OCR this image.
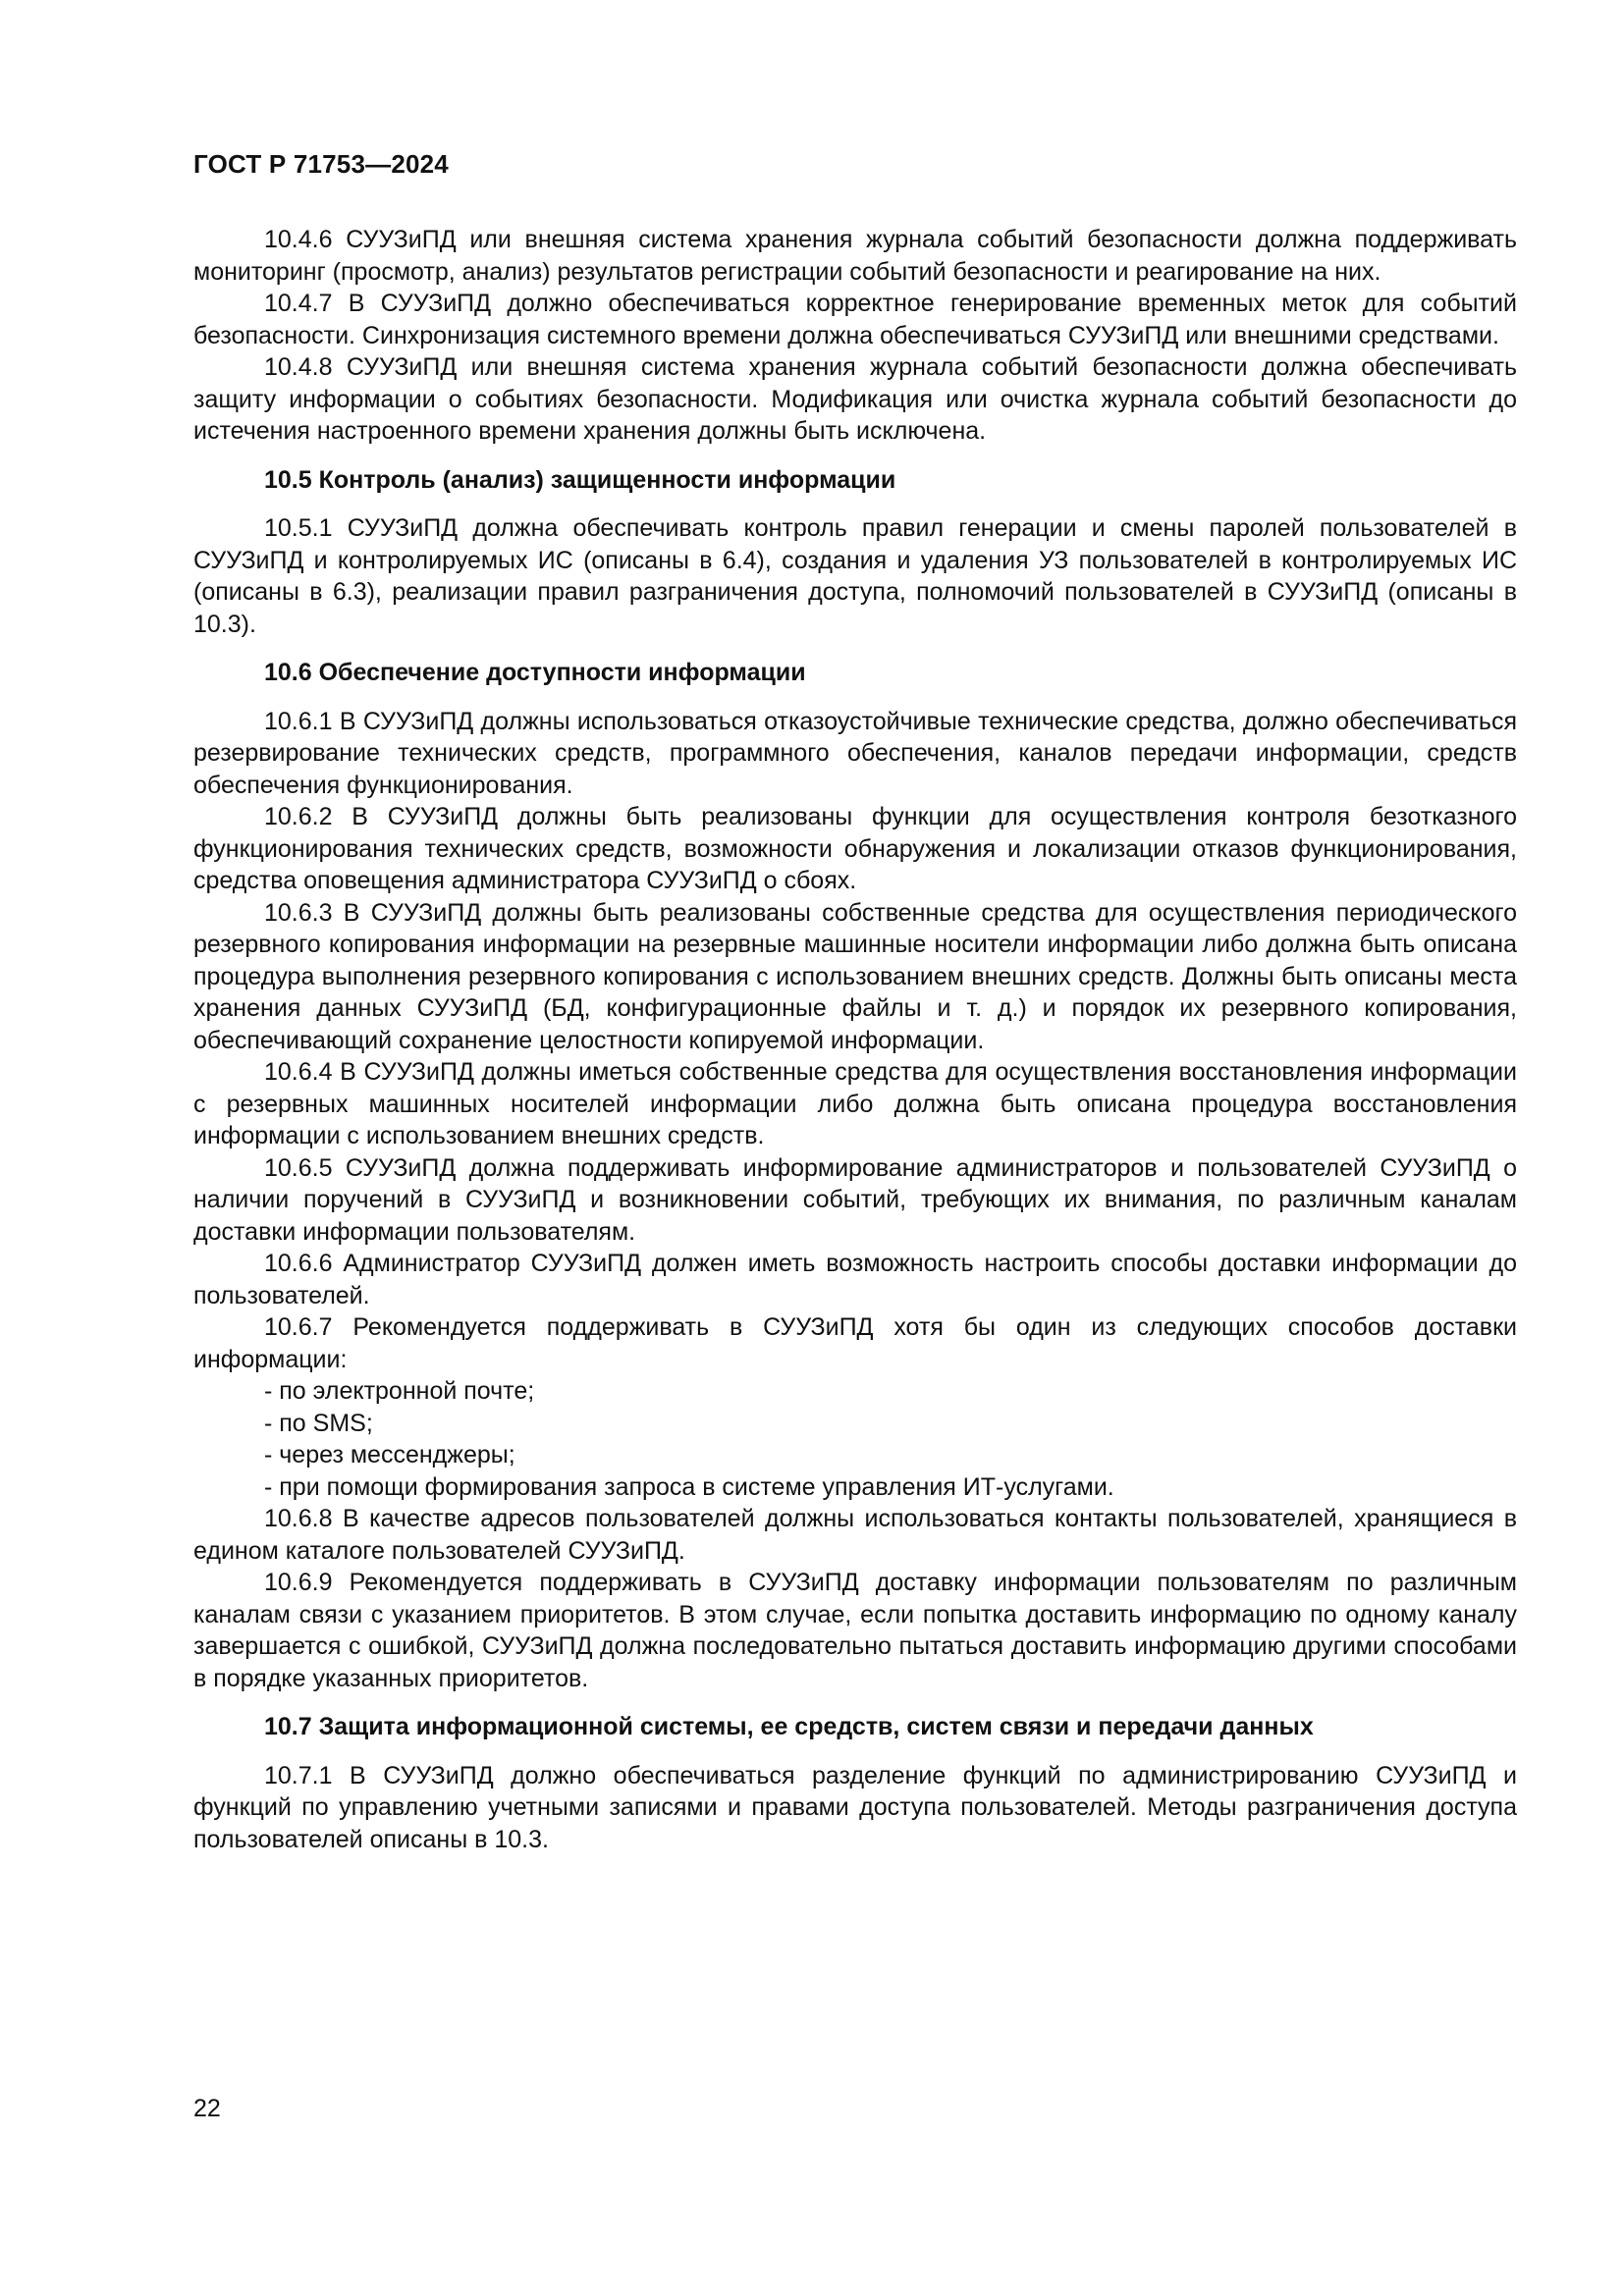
ГОСТ Р 71753—2024

10.4.6 СУУЗиПД или внешняя система хранения журнала событий безопасности должна поддерживать мониторинг (просмотр, анализ) результатов регистрации событий безопасности и реагирование на них.

10.4.7 В СУУЗиПД должно обеспечиваться корректное генерирование временных меток для событий безопасности. Синхронизация системного времени должна обеспечиваться СУУЗиПД или внешними средствами.

10.4.8 СУУЗиПД или внешняя система хранения журнала событий безопасности должна обеспечивать защиту информации о событиях безопасности. Модификация или очистка журнала событий безопасности до истечения настроенного времени хранения должны быть исключена.

10.5 Контроль (анализ) защищенности информации

10.5.1 СУУЗиПД должна обеспечивать контроль правил генерации и смены паролей пользователей в СУУЗиПД и контролируемых ИС (описаны в 6.4), создания и удаления УЗ пользователей в контролируемых ИС (описаны в 6.3), реализации правил разграничения доступа, полномочий пользователей в СУУЗиПД (описаны в 10.3).

10.6 Обеспечение доступности информации

10.6.1 В СУУЗиПД должны использоваться отказоустойчивые технические средства, должно обеспечиваться резервирование технических средств, программного обеспечения, каналов передачи информации, средств обеспечения функционирования.

10.6.2 В СУУЗиПД должны быть реализованы функции для осуществления контроля безотказного функционирования технических средств, возможности обнаружения и локализации отказов функционирования, средства оповещения администратора СУУЗиПД о сбоях.

10.6.3 В СУУЗиПД должны быть реализованы собственные средства для осуществления периодического резервного копирования информации на резервные машинные носители информации либо должна быть описана процедура выполнения резервного копирования с использованием внешних средств. Должны быть описаны места хранения данных СУУЗиПД (БД, конфигурационные файлы и т. д.) и порядок их резервного копирования, обеспечивающий сохранение целостности копируемой информации.

10.6.4 В СУУЗиПД должны иметься собственные средства для осуществления восстановления информации с резервных машинных носителей информации либо должна быть описана процедура восстановления информации с использованием внешних средств.

10.6.5 СУУЗиПД должна поддерживать информирование администраторов и пользователей СУУЗиПД о наличии поручений в СУУЗиПД и возникновении событий, требующих их внимания, по различным каналам доставки информации пользователям.

10.6.6 Администратор СУУЗиПД должен иметь возможность настроить способы доставки информации до пользователей.

10.6.7 Рекомендуется поддерживать в СУУЗиПД хотя бы один из следующих способов доставки информации:

- по электронной почте;
- по SMS;
- через мессенджеры;
- при помощи формирования запроса в системе управления ИТ-услугами.

10.6.8 В качестве адресов пользователей должны использоваться контакты пользователей, хранящиеся в едином каталоге пользователей СУУЗиПД.

10.6.9 Рекомендуется поддерживать в СУУЗиПД доставку информации пользователям по различным каналам связи с указанием приоритетов. В этом случае, если попытка доставить информацию по одному каналу завершается с ошибкой, СУУЗиПД должна последовательно пытаться доставить информацию другими способами в порядке указанных приоритетов.

10.7 Защита информационной системы, ее средств, систем связи и передачи данных

10.7.1 В СУУЗиПД должно обеспечиваться разделение функций по администрированию СУУЗиПД и функций по управлению учетными записями и правами доступа пользователей. Методы разграничения доступа пользователей описаны в 10.3.

22
